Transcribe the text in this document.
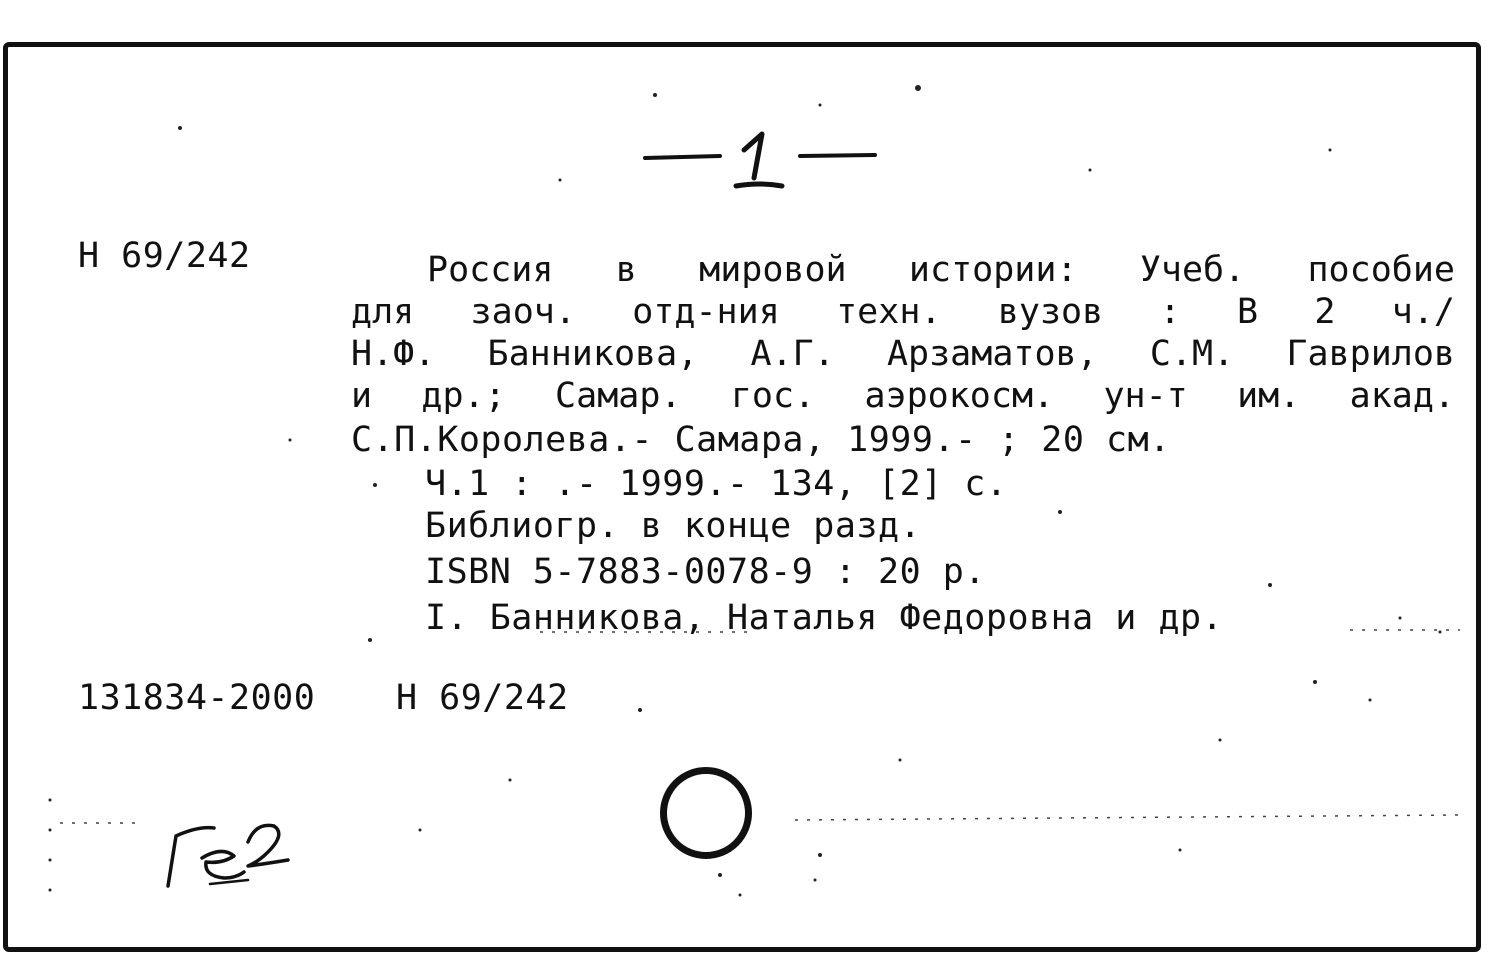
Н 69/242	Россия в мировой истории: Учеб. пособие
для заоч. отд-ния техн. вузов : В 2 ч./
Н.Ф. Банникова, А.Г. Арзаматов, С.М. Гаврилов
и др.; Самар. гос. аэрокосм. ун-т им. акад.
С.П.Королева.- Самара, 1999.- ; 20 см.
Ч.1 : .- 1999.- 134, [2] с.
Библиогр. в конце разд.
ISBN 5-7883-0078-9 : 20 р.
I. Банникова, Наталья Федоровна и др.
131834-2000 Н 69/242
